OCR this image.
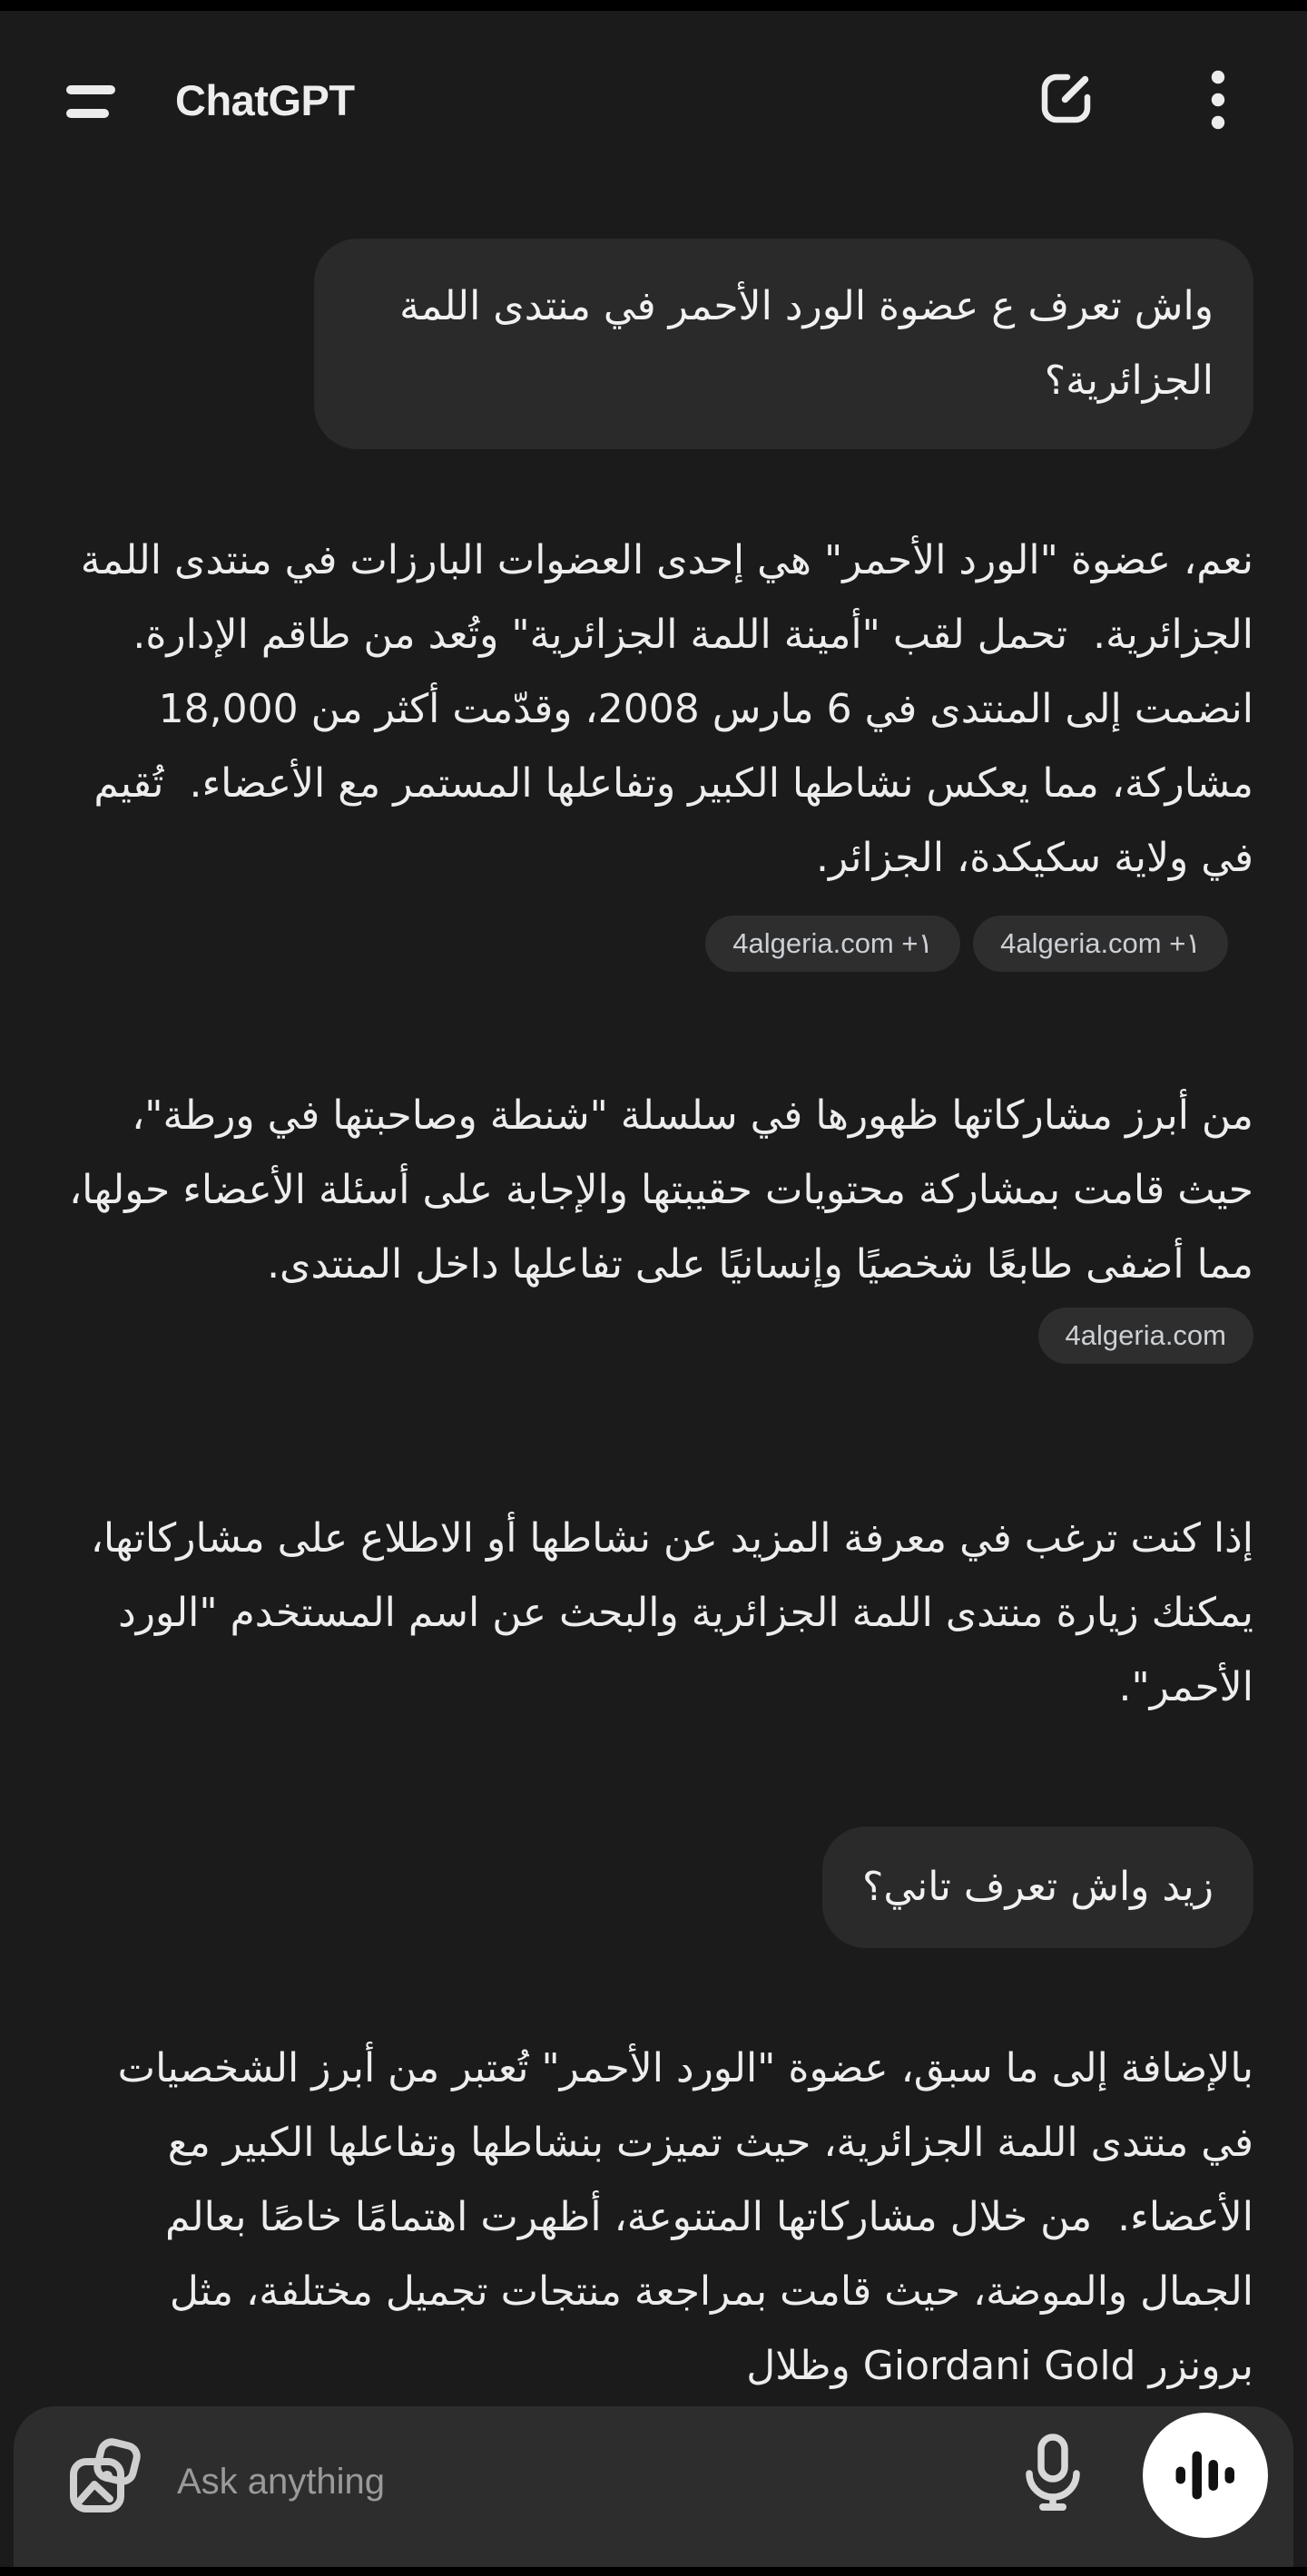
ChatGPT
واش تعرف ع عضوة الورد الأحمر في منتدى اللمة الجزائرية؟

نعم، عضوة "الورد الأحمر" هي إحدى العضوات البارزات في منتدى اللمة الجزائرية.  تحمل لقب "أمينة اللمة الجزائرية" وتُعد من طاقم الإدارة.  انضمت إلى المنتدى في 6 مارس 2008، وقدّمت أكثر من 18,000 مشاركة، مما يعكس نشاطها الكبير وتفاعلها المستمر مع الأعضاء.  تُقيم في ولاية سكيكدة، الجزائر.

4algeria.com +١
4algeria.com +١

من أبرز مشاركاتها ظهورها في سلسلة "شنطة وصاحبتها في ورطة"، حيث قامت بمشاركة محتويات حقيبتها والإجابة على أسئلة الأعضاء حولها، مما أضفى طابعًا شخصيًا وإنسانيًا على تفاعلها داخل المنتدى.4algeria.com

إذا كنت ترغب في معرفة المزيد عن نشاطها أو الاطلاع على مشاركاتها، يمكنك زيارة منتدى اللمة الجزائرية والبحث عن اسم المستخدم "الورد الأحمر".

زيد واش تعرف تاني؟

بالإضافة إلى ما سبق، عضوة "الورد الأحمر" تُعتبر من أبرز الشخصيات في منتدى اللمة الجزائرية، حيث تميزت بنشاطها وتفاعلها الكبير مع الأعضاء.  من خلال مشاركاتها المتنوعة، أظهرت اهتمامًا خاصًا بعالم الجمال والموضة، حيث قامت بمراجعة منتجات تجميل مختلفة، مثل برونزر Giordani Gold وظلال

Ask anything
